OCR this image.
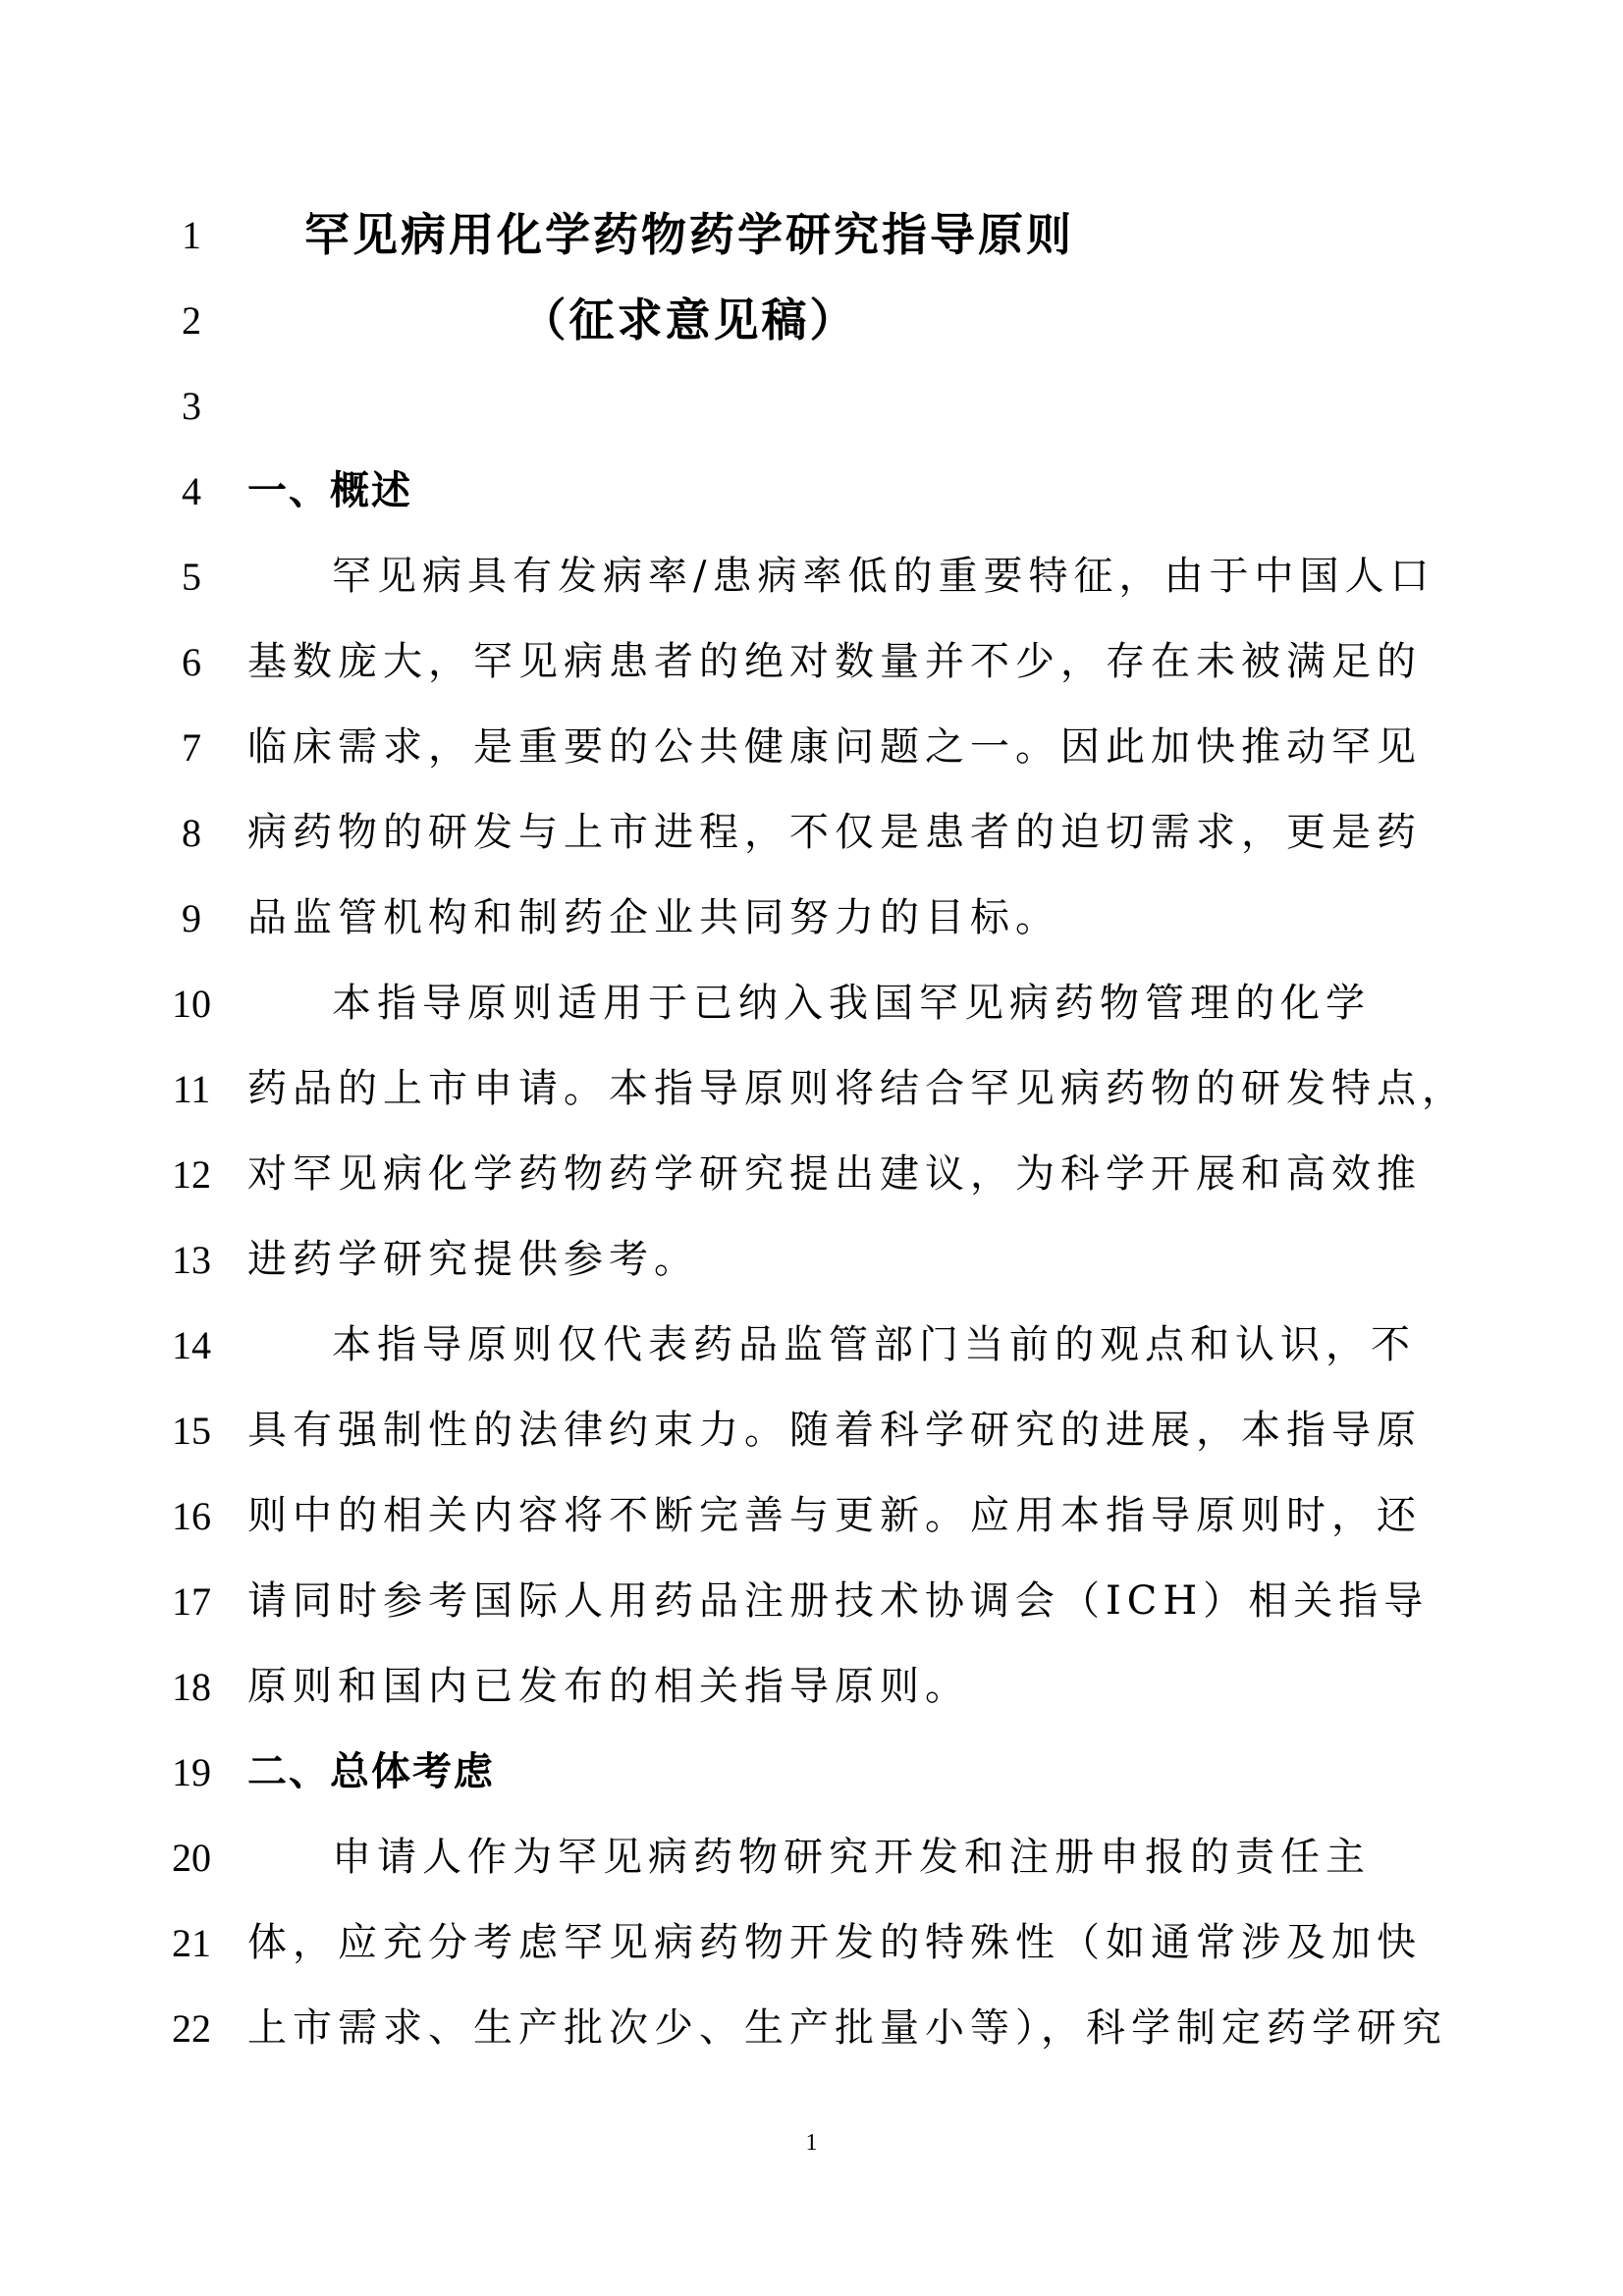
1	罕见病用化学药物药学研究指导原则
2	（征求意见稿）
3
4	一、概述
5	罕见病具有发病率/患病率低的重要特征，由于中国人口
6	基数庞大，罕见病患者的绝对数量并不少，存在未被满足的
7	临床需求，是重要的公共健康问题之一。因此加快推动罕见
8	病药物的研发与上市进程，不仅是患者的迫切需求，更是药
9	品监管机构和制药企业共同努力的目标。
10	本指导原则适用于已纳入我国罕见病药物管理的化学
11 药品的上市申请。本指导原则将结合罕见病药物的研发特点，
12 对罕见病化学药物药学研究提出建议，为科学开展和高效推
13 进药学研究提供参考。
14	本指导原则仅代表药品监管部门当前的观点和认识，不
15 具有强制性的法律约束力。随着科学研究的进展，本指导原
16 则中的相关内容将不断完善与更新。应用本指导原则时，还
17 请同时参考国际人用药品注册技术协调会（ICH）相关指导
18 原则和国内已发布的相关指导原则。
19 二、总体考虑
20	申请人作为罕见病药物研究开发和注册申报的责任主
21 体，应充分考虑罕见病药物开发的特殊性（如通常涉及加快
22 上市需求、生产批次少、生产批量小等），科学制定药学研究
1
